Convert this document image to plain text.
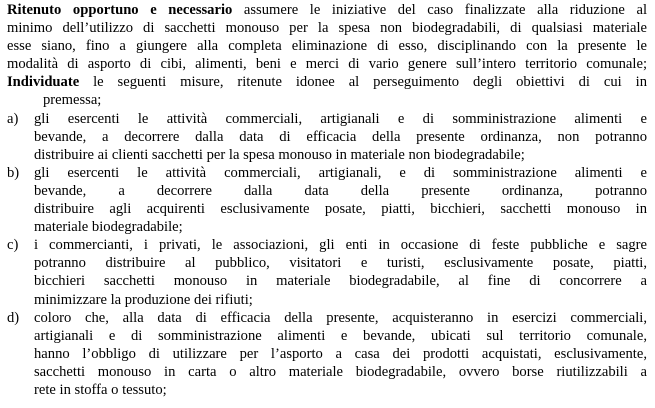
Ritenuto opportuno e necessario assumere le iniziative del caso finalizzate alla riduzione al
minimo dell’utilizzo di sacchetti monouso per la spesa non biodegradabili, di qualsiasi materiale
esse siano, fino a giungere alla completa eliminazione di esso, disciplinando con la presente le
modalità di asporto di cibi, alimenti, beni e merci di vario genere sull’intero territorio comunale;
Individuate le seguenti misure, ritenute idonee al perseguimento degli obiettivi di cui in
premessa;
a) gli esercenti le attività commerciali, artigianali e di somministrazione alimenti e
bevande, a decorrere dalla data di efficacia della presente ordinanza, non potranno
distribuire ai clienti sacchetti per la spesa monouso in materiale non biodegradabile;
b) gli esercenti le attività commerciali, artigianali, e di somministrazione alimenti e
bevande, a decorrere dalla data della presente ordinanza, potranno
distribuire agli acquirenti esclusivamente posate, piatti, bicchieri, sacchetti monouso in
materiale biodegradabile;
c) i commercianti, i privati, le associazioni, gli enti in occasione di feste pubbliche e sagre
potranno distribuire al pubblico, visitatori e turisti, esclusivamente posate, piatti,
bicchieri sacchetti monouso in materiale biodegradabile, al fine di concorrere a
minimizzare la produzione dei rifiuti;
d) coloro che, alla data di efficacia della presente, acquisteranno in esercizi commerciali,
artigianali e di somministrazione alimenti e bevande, ubicati sul territorio comunale,
hanno l’obbligo di utilizzare per l’asporto a casa dei prodotti acquistati, esclusivamente,
sacchetti monouso in carta o altro materiale biodegradabile, ovvero borse riutilizzabili a
rete in stoffa o tessuto;
